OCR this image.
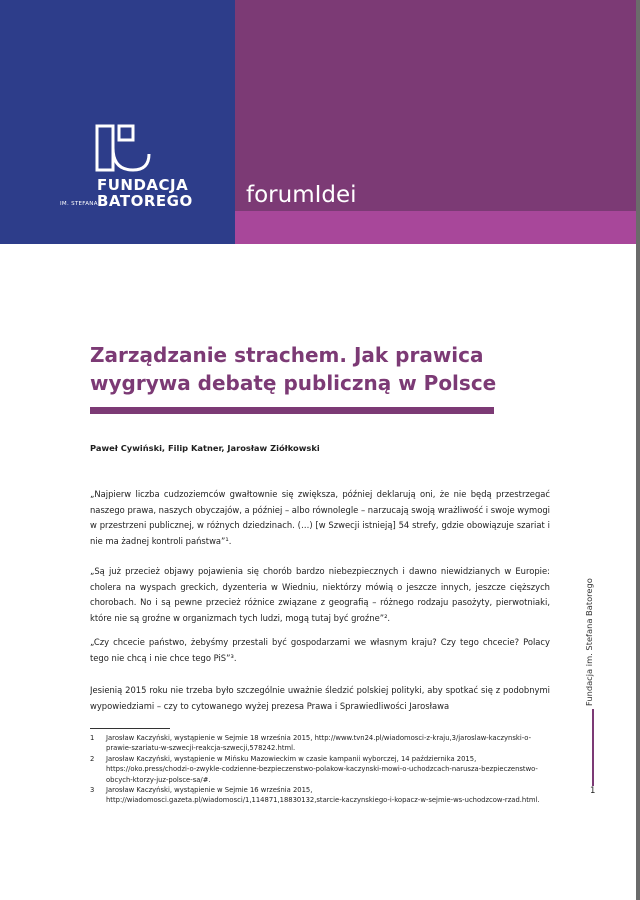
FUNDACJA
BATOREGO
IM. STEFANA	forumIdei
Zarządzanie strachem. Jak prawica wygrywa debatę publiczną w Polsce
Paweł Cywiński, Filip Katner, Jarosław Ziółkowski

„Najpierw liczba cudzoziemców gwałtownie się zwiększa, później deklarują oni, że nie będą przestrzegać naszego prawa, naszych obyczajów, a później – albo równolegle – narzucają swoją wrażliwość i swoje wymogi w przestrzeni publicznej, w różnych dziedzinach. (…) [w Szwecji istnieją] 54 strefy, gdzie obowiązuje szariat i nie ma żadnej kontroli państwa”¹.

„Są już przecież objawy pojawienia się chorób bardzo niebezpiecznych i dawno niewidzianych w Europie: cholera na wyspach greckich, dyzenteria w Wiedniu, niektórzy mówią o jeszcze innych, jeszcze cięższych chorobach. No i są pewne przecież różnice związane z geografią – różnego rodzaju pasożyty, pierwotniaki, które nie są groźne w organizmach tych ludzi, mogą tutaj być groźne”².

„Czy chcecie państwo, żebyśmy przestali być gospodarzami we własnym kraju? Czy tego chcecie? Polacy tego nie chcą i nie chce tego PiS”³.

Jesienią 2015 roku nie trzeba było szczególnie uważnie śledzić polskiej polityki, aby spotkać się z podobnymi wypowiedziami – czy to cytowanego wyżej prezesa Prawa i Sprawiedliwości Jarosława

1	Jarosław Kaczyński, wystąpienie w Sejmie 18 września 2015, http://www.tvn24.pl/wiadomosci-z-kraju,3/jaroslaw-kaczynski-o-prawie-szariatu-w-szwecji-reakcja-szwecji,578242.html.
2	Jarosław Kaczyński, wystąpienie w Mińsku Mazowieckim w czasie kampanii wyborczej, 14 października 2015, https://oko.press/chodzi-o-zwykle-codzienne-bezpieczenstwo-polakow-kaczynski-mowi-o-uchodzcach-narusza-bezpieczenstwo-obcych-ktorzy-juz-polsce-sa/#.
3	Jarosław Kaczyński, wystąpienie w Sejmie 16 września 2015, http://wiadomosci.gazeta.pl/wiadomosci/1,114871,18830132,starcie-kaczynskiego-i-kopacz-w-sejmie-ws-uchodzcow-rzad.html.
Fundacja im. Stefana Batorego
1
